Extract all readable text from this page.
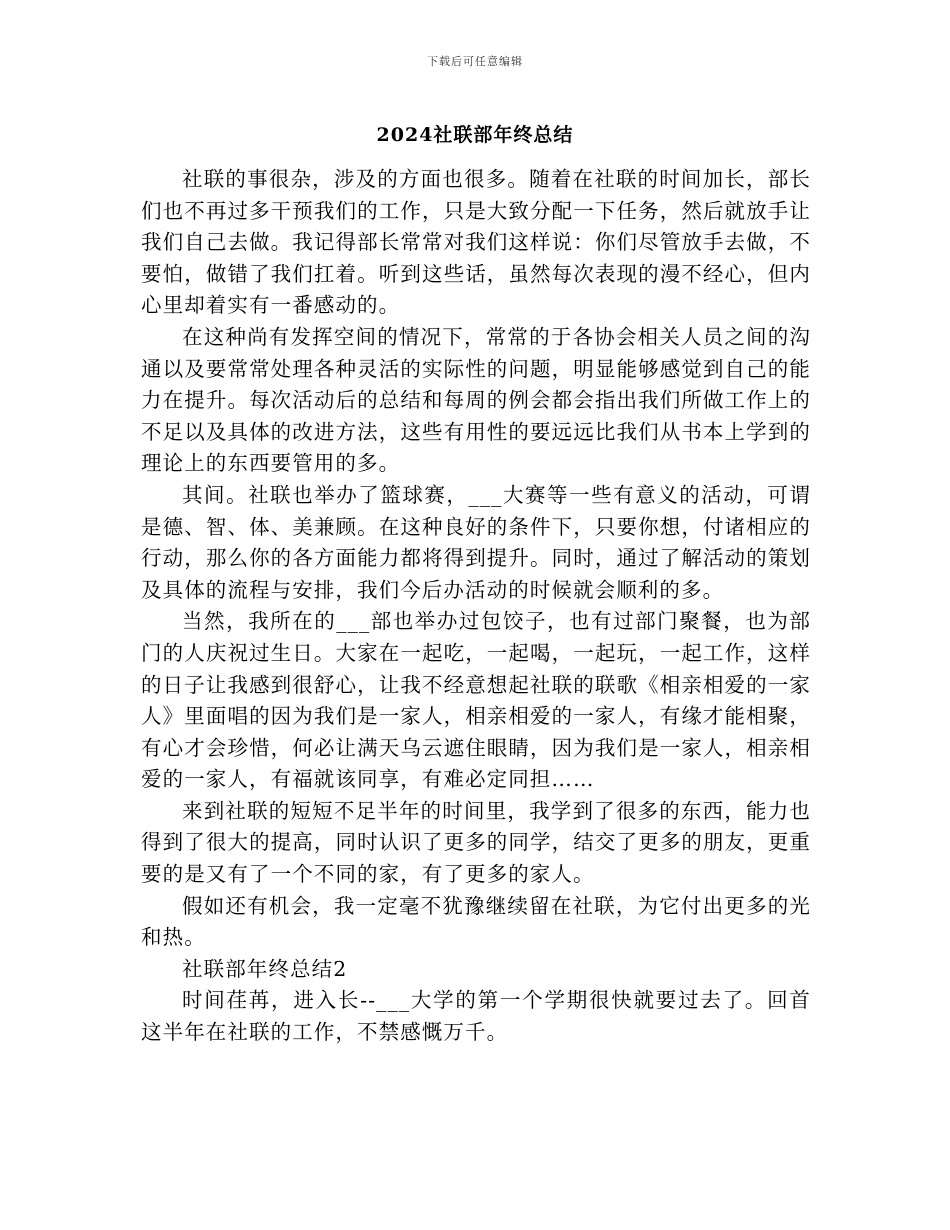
下载后可任意编辑
2024社联部年终总结

社联的事很杂，涉及的方面也很多。随着在社联的时间加长，部长们也不再过多干预我们的工作，只是大致分配一下任务，然后就放手让我们自己去做。我记得部长常常对我们这样说：你们尽管放手去做，不要怕，做错了我们扛着。听到这些话，虽然每次表现的漫不经心，但内心里却着实有一番感动的。

在这种尚有发挥空间的情况下，常常的于各协会相关人员之间的沟通以及要常常处理各种灵活的实际性的问题，明显能够感觉到自己的能力在提升。每次活动后的总结和每周的例会都会指出我们所做工作上的不足以及具体的改进方法，这些有用性的要远远比我们从书本上学到的理论上的东西要管用的多。

其间。社联也举办了篮球赛，___大赛等一些有意义的活动，可谓是德、智、体、美兼顾。在这种良好的条件下，只要你想，付诸相应的行动，那么你的各方面能力都将得到提升。同时，通过了解活动的策划及具体的流程与安排，我们今后办活动的时候就会顺利的多。

当然，我所在的___部也举办过包饺子，也有过部门聚餐，也为部门的人庆祝过生日。大家在一起吃，一起喝，一起玩，一起工作，这样的日子让我感到很舒心，让我不经意想起社联的联歌《相亲相爱的一家人》里面唱的因为我们是一家人，相亲相爱的一家人，有缘才能相聚，有心才会珍惜，何必让满天乌云遮住眼睛，因为我们是一家人，相亲相爱的一家人，有福就该同享，有难必定同担……

来到社联的短短不足半年的时间里，我学到了很多的东西，能力也得到了很大的提高，同时认识了更多的同学，结交了更多的朋友，更重要的是又有了一个不同的家，有了更多的家人。

假如还有机会，我一定毫不犹豫继续留在社联，为它付出更多的光和热。

社联部年终总结2

时间荏苒，进入长--___大学的第一个学期很快就要过去了。回首这半年在社联的工作，不禁感慨万千。
